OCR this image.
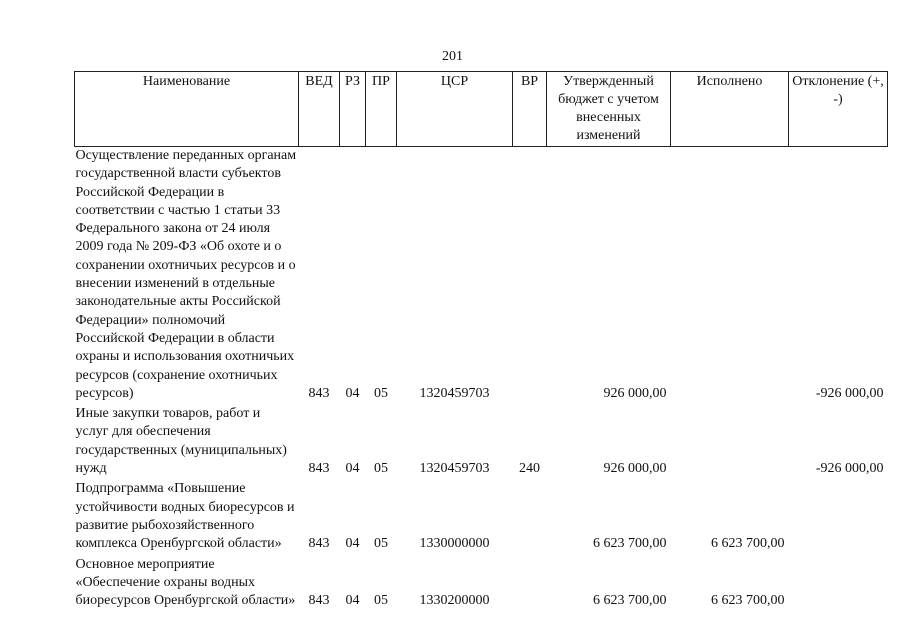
201
Наименование	ВЕД	РЗ	ПР	ЦСР	ВР	Утвержденный бюджет с учетом внесенных изменений	Исполнено	Отклонение (+, -)
Осуществление переданных органам государственной власти субъектов Российской Федерации в соответствии с частью 1 статьи 33 Федерального закона от 24 июля 2009 года № 209-ФЗ «Об охоте и о сохранении охотничьих ресурсов и о внесении изменений в отдельные законодательные акты Российской Федерации» полномочий Российской Федерации в области охраны и использования охотничьих ресурсов (сохранение охотничьих ресурсов)	843	04	05	1320459703		926 000,00		-926 000,00
Иные закупки товаров, работ и услуг для обеспечения государственных (муниципальных) нужд	843	04	05	1320459703	240	926 000,00		-926 000,00
Подпрограмма «Повышение устойчивости водных биоресурсов и развитие рыбохозяйственного комплекса Оренбургской области»	843	04	05	1330000000		6 623 700,00	6 623 700,00	
Основное мероприятие «Обеспечение охраны водных биоресурсов Оренбургской области»	843	04	05	1330200000		6 623 700,00	6 623 700,00	
